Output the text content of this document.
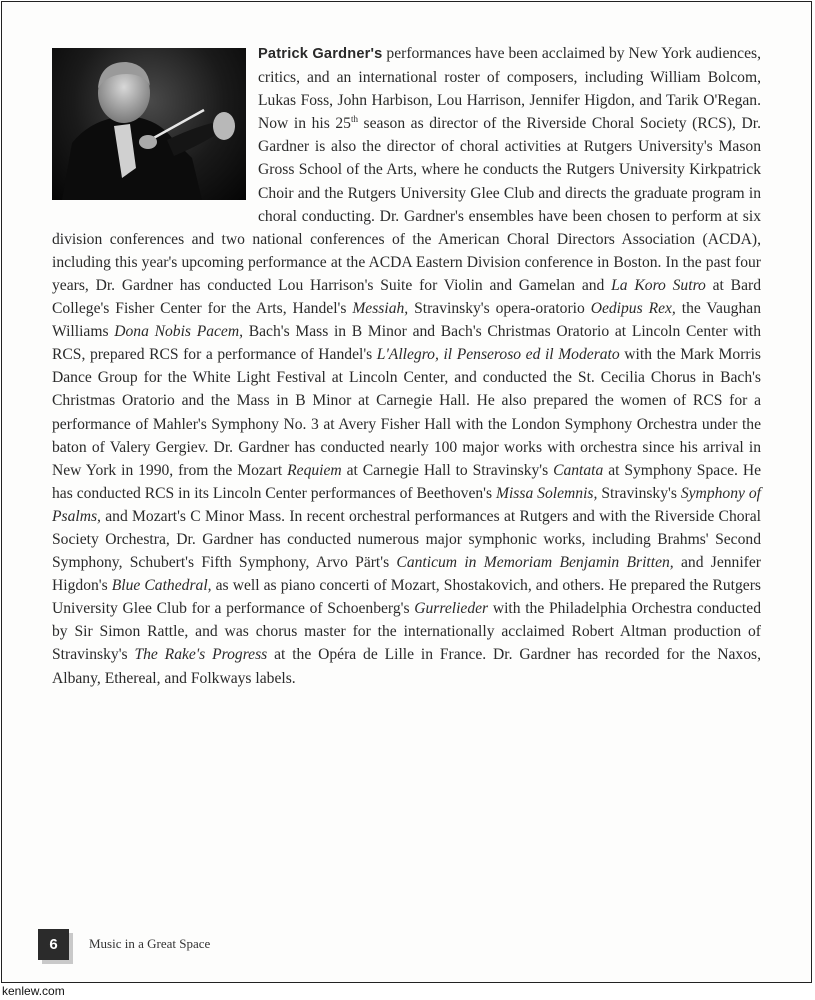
Patrick Gardner's performances have been acclaimed by New York audiences, critics, and an international roster of composers, including William Bolcom, Lukas Foss, John Harbison, Lou Harrison, Jennifer Higdon, and Tarik O'Regan. Now in his 25th season as director of the Riverside Choral Society (RCS), Dr. Gardner is also the director of choral activities at Rutgers University's Mason Gross School of the Arts, where he conducts the Rutgers University Kirkpatrick Choir and the Rutgers University Glee Club and directs the graduate program in choral conducting. Dr. Gardner's ensembles have been chosen to perform at six division conferences and two national conferences of the American Choral Directors Association (ACDA), including this year's upcoming performance at the ACDA Eastern Division conference in Boston. In the past four years, Dr. Gardner has conducted Lou Harrison's Suite for Violin and Gamelan and La Koro Sutro at Bard College's Fisher Center for the Arts, Handel's Messiah, Stravinsky's opera-oratorio Oedipus Rex, the Vaughan Williams Dona Nobis Pacem, Bach's Mass in B Minor and Bach's Christmas Oratorio at Lincoln Center with RCS, prepared RCS for a performance of Handel's L'Allegro, il Penseroso ed il Moderato with the Mark Morris Dance Group for the White Light Festival at Lincoln Center, and conducted the St. Cecilia Chorus in Bach's Christmas Oratorio and the Mass in B Minor at Carnegie Hall. He also prepared the women of RCS for a performance of Mahler's Symphony No. 3 at Avery Fisher Hall with the London Symphony Orchestra under the baton of Valery Gergiev. Dr. Gardner has conducted nearly 100 major works with orchestra since his arrival in New York in 1990, from the Mozart Requiem at Carnegie Hall to Stravinsky's Cantata at Symphony Space. He has conducted RCS in its Lincoln Center performances of Beethoven's Missa Solemnis, Stravinsky's Symphony of Psalms, and Mozart's C Minor Mass. In recent orchestral performances at Rutgers and with the Riverside Choral Society Orchestra, Dr. Gardner has conducted numerous major symphonic works, including Brahms' Second Symphony, Schubert's Fifth Symphony, Arvo Pärt's Canticum in Memoriam Benjamin Britten, and Jennifer Higdon's Blue Cathedral, as well as piano concerti of Mozart, Shostakovich, and others. He prepared the Rutgers University Glee Club for a performance of Schoenberg's Gurrelieder with the Philadelphia Orchestra conducted by Sir Simon Rattle, and was chorus master for the internationally acclaimed Robert Altman production of Stravinsky's The Rake's Progress at the Opéra de Lille in France. Dr. Gardner has recorded for the Naxos, Albany, Ethereal, and Folkways labels.

6	Music in a Great Space
kenlew.com
